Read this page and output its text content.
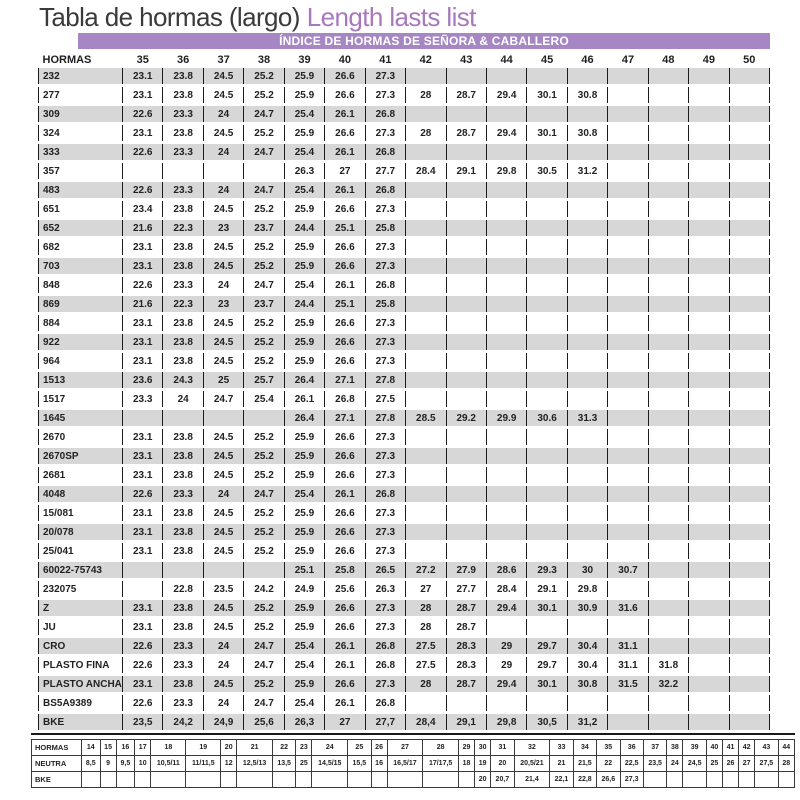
Tabla de hormas (largo) Length lasts list
ÍNDICE DE HORMAS DE SEÑORA & CABALLERO
HORMAS	35	36	37	38	39	40	41	42	43	44	45	46	47	48	49	50
232	23.1	23.8	24.5	25.2	25.9	26.6	27.3									
277	23.1	23.8	24.5	25.2	25.9	26.6	27.3	28	28.7	29.4	30.1	30.8				
309	22.6	23.3	24	24.7	25.4	26.1	26.8									
324	23.1	23.8	24.5	25.2	25.9	26.6	27.3	28	28.7	29.4	30.1	30.8				
333	22.6	23.3	24	24.7	25.4	26.1	26.8									
357					26.3	27	27.7	28.4	29.1	29.8	30.5	31.2				
483	22.6	23.3	24	24.7	25.4	26.1	26.8									
651	23.4	23.8	24.5	25.2	25.9	26.6	27.3									
652	21.6	22.3	23	23.7	24.4	25.1	25.8									
682	23.1	23.8	24.5	25.2	25.9	26.6	27.3									
703	23.1	23.8	24.5	25.2	25.9	26.6	27.3									
848	22.6	23.3	24	24.7	25.4	26.1	26.8									
869	21.6	22.3	23	23.7	24.4	25.1	25.8									
884	23.1	23.8	24.5	25.2	25.9	26.6	27.3									
922	23.1	23.8	24.5	25.2	25.9	26.6	27.3									
964	23.1	23.8	24.5	25.2	25.9	26.6	27.3									
1513	23.6	24.3	25	25.7	26.4	27.1	27.8									
1517	23.3	24	24.7	25.4	26.1	26.8	27.5									
1645					26.4	27.1	27.8	28.5	29.2	29.9	30.6	31.3				
2670	23.1	23.8	24.5	25.2	25.9	26.6	27.3									
2670SP	23.1	23.8	24.5	25.2	25.9	26.6	27.3									
2681	23.1	23.8	24.5	25.2	25.9	26.6	27.3									
4048	22.6	23.3	24	24.7	25.4	26.1	26.8									
15/081	23.1	23.8	24.5	25.2	25.9	26.6	27.3									
20/078	23.1	23.8	24.5	25.2	25.9	26.6	27.3									
25/041	23.1	23.8	24.5	25.2	25.9	26.6	27.3									
60022-75743					25.1	25.8	26.5	27.2	27.9	28.6	29.3	30	30.7			
232075		22.8	23.5	24.2	24.9	25.6	26.3	27	27.7	28.4	29.1	29.8				
Z	23.1	23.8	24.5	25.2	25.9	26.6	27.3	28	28.7	29.4	30.1	30.9	31.6			
JU	23.1	23.8	24.5	25.2	25.9	26.6	27.3	28	28.7							
CRO	22.6	23.3	24	24.7	25.4	26.1	26.8	27.5	28.3	29	29.7	30.4	31.1			
PLASTO FINA	22.6	23.3	24	24.7	25.4	26.1	26.8	27.5	28.3	29	29.7	30.4	31.1	31.8		
PLASTO ANCHA	23.1	23.8	24.5	25.2	25.9	26.6	27.3	28	28.7	29.4	30.1	30.8	31.5	32.2		
BS5A9389	22.6	23.3	24	24.7	25.4	26.1	26.8									
BKE	23,5	24,2	24,9	25,6	26,3	27	27,7	28,4	29,1	29,8	30,5	31,2				
HORMAS	14	15	16	17	18	19	20	21	22	23	24	25	26	27	28	29	30	31	32	33	34	35	36	37	38	39	40	41	42	43	44
NEUTRA	8,5	9	9,5	10	10,5/11	11/11,5	12	12,5/13	13,5	25	14,5/15	15,5	16	16,5/17	17/17,5	18	19	20	20,5/21	21	21,5	22	22,5	23,5	24	24,5	25	26	27	27,5	28
BKE																	20	20,7	21,4	22,1	22,8	26,6	27,3								
